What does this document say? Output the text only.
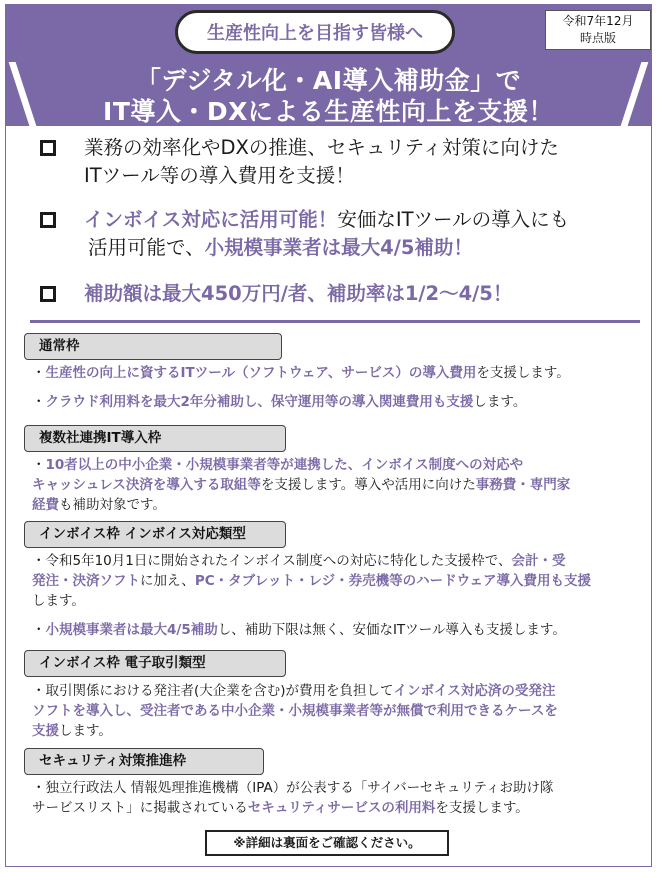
生産性向上を目指す皆様へ
令和7年12月
時点版
「デジタル化・AI導入補助金」で
IT導入・DXによる生産性向上を支援！
業務の効率化やDXの推進、セキュリティ対策に向けた
ITツール等の導入費用を支援！
インボイス対応に活用可能！安価なITツールの導入にも
活用可能で、小規模事業者は最大4/5補助！
補助額は最大450万円/者、補助率は1/2～4/5！
通常枠
・生産性の向上に資するITツール（ソフトウェア、サービス）の導入費用を支援します。
・クラウド利用料を最大2年分補助し、保守運用等の導入関連費用も支援します。
複数社連携IT導入枠
・10者以上の中小企業・小規模事業者等が連携した、インボイス制度への対応や
キャッシュレス決済を導入する取組等を支援します。導入や活用に向けた事務費・専門家
経費も補助対象です。
インボイス枠 インボイス対応類型
・令和5年10月1日に開始されたインボイス制度への対応に特化した支援枠で、会計・受
発注・決済ソフトに加え、PC・タブレット・レジ・券売機等のハードウェア導入費用も支援
します。
・小規模事業者は最大4/5補助し、補助下限は無く、安価なITツール導入も支援します。
インボイス枠 電子取引類型
・取引関係における発注者(大企業を含む)が費用を負担してインボイス対応済の受発注
ソフトを導入し、受注者である中小企業・小規模事業者等が無償で利用できるケースを
支援します。
セキュリティ対策推進枠
・独立行政法人 情報処理推進機構（IPA）が公表する「サイバーセキュリティお助け隊
サービスリスト」に掲載されているセキュリティサービスの利用料を支援します。
※詳細は裏面をご確認ください。
